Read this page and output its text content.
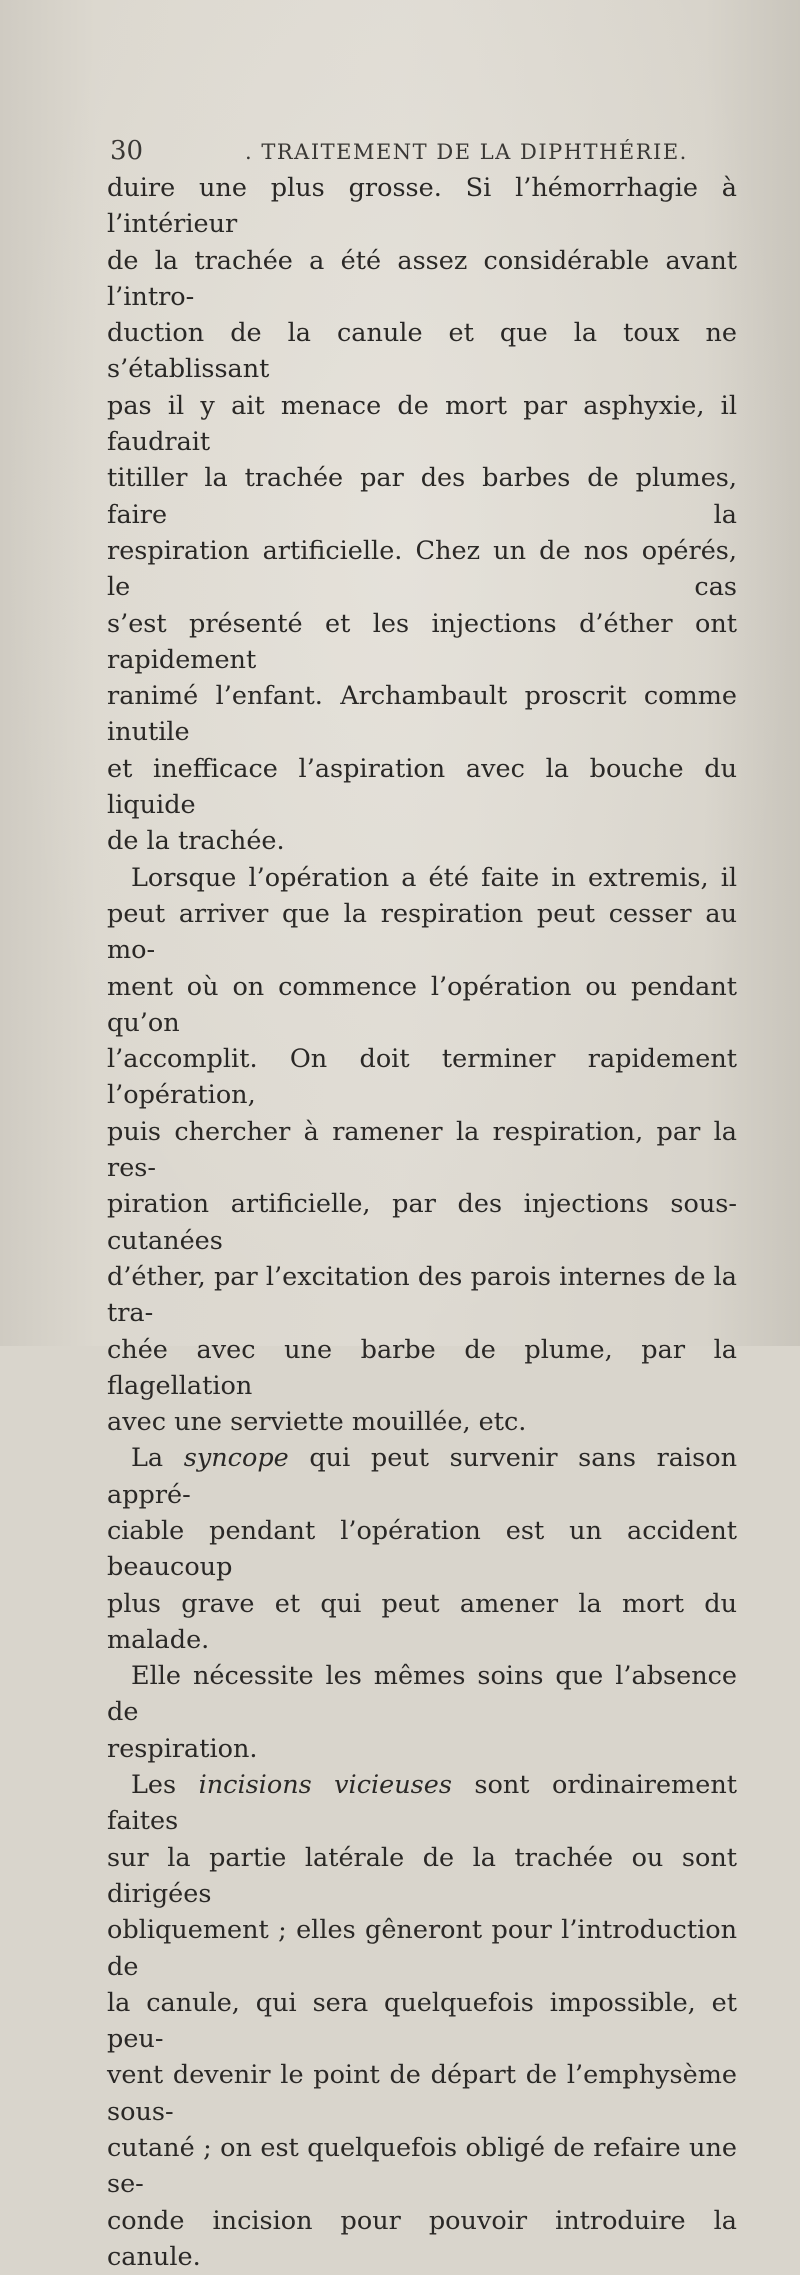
30	. TRAITEMENT DE LA DIPHTHÉRIE.

duire une plus grosse. Si l’hémorrhagie à l’intérieur

de la trachée a été assez considérable avant l’intro-

duction de la canule et que la toux ne s’établissant

pas il y ait menace de mort par asphyxie, il faudrait

titiller la trachée par des barbes de plumes, faire la

respiration artificielle. Chez un de nos opérés, le cas

s’est présenté et les injections d’éther ont rapidement

ranimé l’enfant. Archambault proscrit comme inutile

et inefficace l’aspiration avec la bouche du liquide

de la trachée.

Lorsque l’opération a été faite in extremis, il

peut arriver que la respiration peut cesser au mo-

ment où on commence l’opération ou pendant qu’on

l’accomplit. On doit terminer rapidement l’opération,

puis chercher à ramener la respiration, par la res-

piration artificielle, par des injections sous-cutanées

d’éther, par l’excitation des parois internes de la tra-

chée avec une barbe de plume, par la flagellation

avec une serviette mouillée, etc.

La syncope qui peut survenir sans raison appré-

ciable pendant l’opération est un accident beaucoup

plus grave et qui peut amener la mort du malade.

Elle nécessite les mêmes soins que l’absence de

respiration.

Les incisions vicieuses sont ordinairement faites

sur la partie latérale de la trachée ou sont dirigées

obliquement ; elles gêneront pour l’introduction de

la canule, qui sera quelquefois impossible, et peu-

vent devenir le point de départ de l’emphysème sous-

cutané ; on est quelquefois obligé de refaire une se-

conde incision pour pouvoir introduire la canule.
